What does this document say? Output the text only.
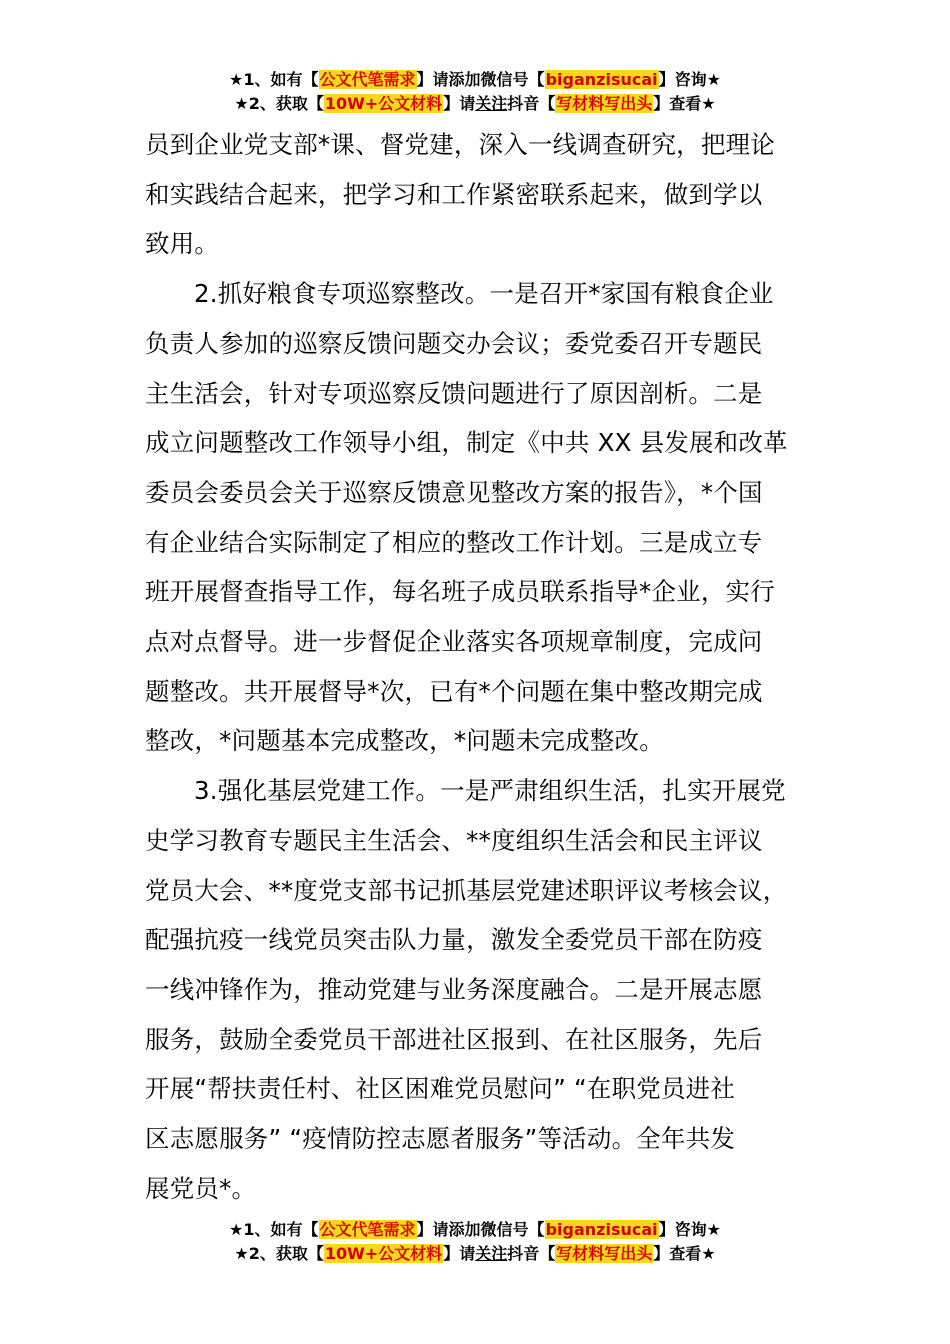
★1、如有【公文代笔需求】请添加微信号【biganzisucai】咨询★
★2、获取【10W+公文材料】请关注抖音【写材料写出头】查看★
员到企业党支部*课、督党建，深入一线调查研究，把理论
和实践结合起来，把学习和工作紧密联系起来，做到学以
致用。
2.抓好粮食专项巡察整改。一是召开*家国有粮食企业
负责人参加的巡察反馈问题交办会议；委党委召开专题民
主生活会，针对专项巡察反馈问题进行了原因剖析。二是
成立问题整改工作领导小组，制定《中共 XX 县发展和改革
委员会委员会关于巡察反馈意见整改方案的报告》，*个国
有企业结合实际制定了相应的整改工作计划。三是成立专
班开展督查指导工作，每名班子成员联系指导*企业，实行
点对点督导。进一步督促企业落实各项规章制度，完成问
题整改。共开展督导*次，已有*个问题在集中整改期完成
整改，*问题基本完成整改，*问题未完成整改。
3.强化基层党建工作。一是严肃组织生活，扎实开展党
史学习教育专题民主生活会、**度组织生活会和民主评议
党员大会、**度党支部书记抓基层党建述职评议考核会议，
配强抗疫一线党员突击队力量，激发全委党员干部在防疫
一线冲锋作为，推动党建与业务深度融合。二是开展志愿
服务，鼓励全委党员干部进社区报到、在社区服务，先后
开展“帮扶责任村、社区困难党员慰问” “在职党员进社
区志愿服务” “疫情防控志愿者服务”等活动。全年共发
展党员*。
★1、如有【公文代笔需求】请添加微信号【biganzisucai】咨询★
★2、获取【10W+公文材料】请关注抖音【写材料写出头】查看★
